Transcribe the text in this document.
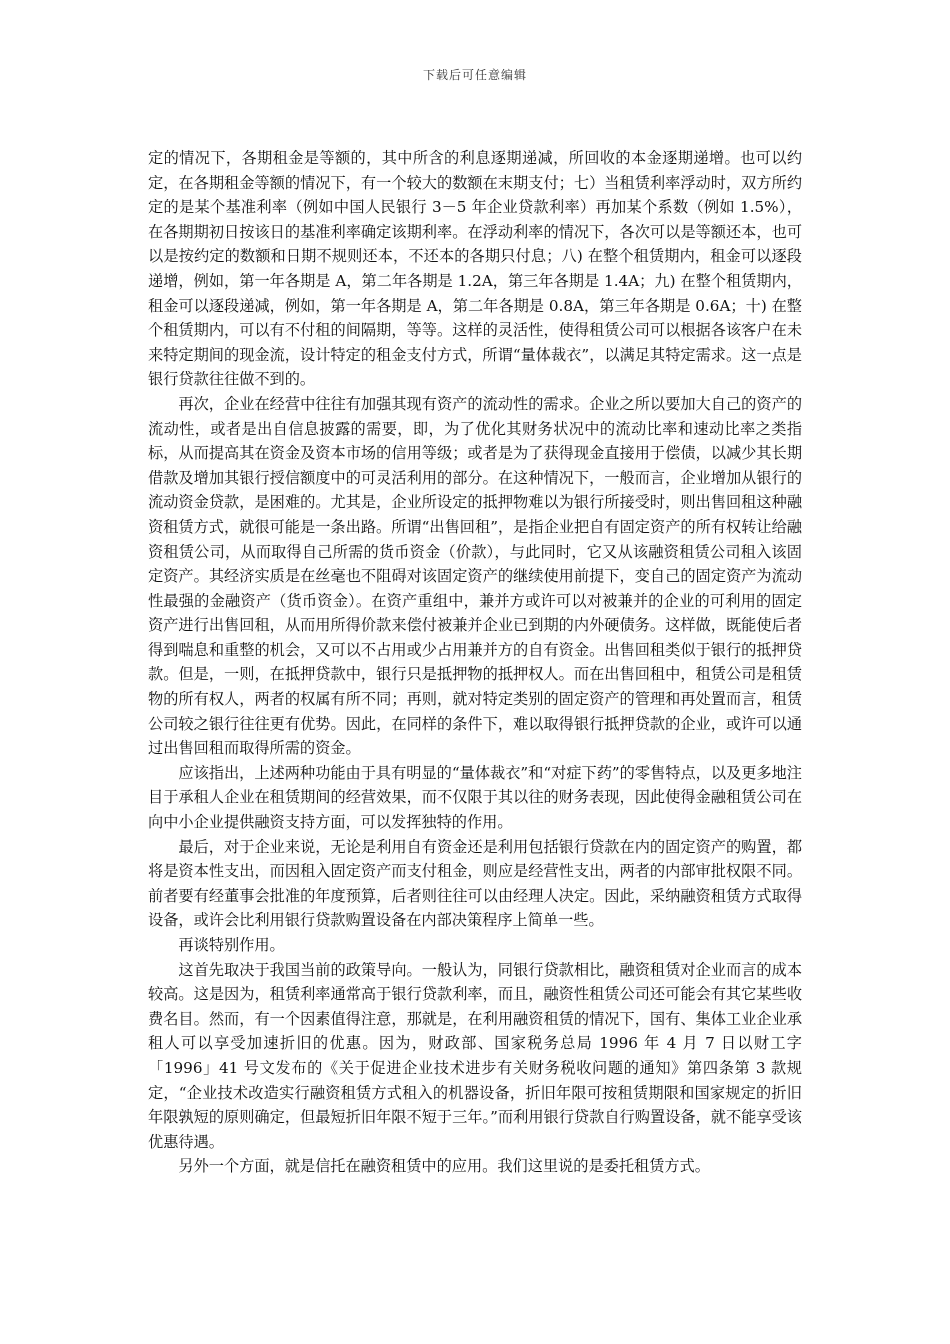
下载后可任意编辑

定的情况下，各期租金是等额的，其中所含的利息逐期递减，所回收的本金逐期递增。也可以约定，在各期租金等额的情况下，有一个较大的数额在末期支付；七）当租赁利率浮动时，双方所约定的是某个基准利率（例如中国人民银行 3－5 年企业贷款利率）再加某个系数（例如 1.5%），在各期期初日按该日的基准利率确定该期利率。在浮动利率的情况下，各次可以是等额还本，也可以是按约定的数额和日期不规则还本，不还本的各期只付息；八) 在整个租赁期内，租金可以逐段递增，例如，第一年各期是 A，第二年各期是 1.2A，第三年各期是 1.4A；九) 在整个租赁期内，租金可以逐段递减，例如，第一年各期是 A，第二年各期是 0.8A，第三年各期是 0.6A；十) 在整个租赁期内，可以有不付租的间隔期，等等。这样的灵活性，使得租赁公司可以根据各该客户在未来特定期间的现金流，设计特定的租金支付方式，所谓“量体裁衣”，以满足其特定需求。这一点是银行贷款往往做不到的。

再次，企业在经营中往往有加强其现有资产的流动性的需求。企业之所以要加大自己的资产的流动性，或者是出自信息披露的需要，即，为了优化其财务状况中的流动比率和速动比率之类指标，从而提高其在资金及资本市场的信用等级；或者是为了获得现金直接用于偿债，以减少其长期借款及增加其银行授信额度中的可灵活利用的部分。在这种情况下，一般而言，企业增加从银行的流动资金贷款，是困难的。尤其是，企业所设定的抵押物难以为银行所接受时，则出售回租这种融资租赁方式，就很可能是一条出路。所谓“出售回租”，是指企业把自有固定资产的所有权转让给融资租赁公司，从而取得自己所需的货币资金（价款），与此同时，它又从该融资租赁公司租入该固定资产。其经济实质是在丝毫也不阻碍对该固定资产的继续使用前提下，变自己的固定资产为流动性最强的金融资产（货币资金）。在资产重组中，兼并方或许可以对被兼并的企业的可利用的固定资产进行出售回租，从而用所得价款来偿付被兼并企业已到期的内外硬债务。这样做，既能使后者得到喘息和重整的机会，又可以不占用或少占用兼并方的自有资金。出售回租类似于银行的抵押贷款。但是，一则，在抵押贷款中，银行只是抵押物的抵押权人。而在出售回租中，租赁公司是租赁物的所有权人，两者的权属有所不同；再则，就对特定类别的固定资产的管理和再处置而言，租赁公司较之银行往往更有优势。因此，在同样的条件下，难以取得银行抵押贷款的企业，或许可以通过出售回租而取得所需的资金。

应该指出，上述两种功能由于具有明显的“量体裁衣”和“对症下药”的零售特点，以及更多地注目于承租人企业在租赁期间的经营效果，而不仅限于其以往的财务表现，因此使得金融租赁公司在向中小企业提供融资支持方面，可以发挥独特的作用。

最后，对于企业来说，无论是利用自有资金还是利用包括银行贷款在内的固定资产的购置，都将是资本性支出，而因租入固定资产而支付租金，则应是经营性支出，两者的内部审批权限不同。前者要有经董事会批准的年度预算，后者则往往可以由经理人决定。因此，采纳融资租赁方式取得设备，或许会比利用银行贷款购置设备在内部决策程序上简单一些。

再谈特别作用。

这首先取决于我国当前的政策导向。一般认为，同银行贷款相比，融资租赁对企业而言的成本较高。这是因为，租赁利率通常高于银行贷款利率，而且，融资性租赁公司还可能会有其它某些收费名目。然而，有一个因素值得注意，那就是，在利用融资租赁的情况下，国有、集体工业企业承租人可以享受加速折旧的优惠。因为，财政部、国家税务总局 1996 年 4 月 7 日以财工字「1996」41 号文发布的《关于促进企业技术进步有关财务税收问题的通知》第四条第 3 款规定，“企业技术改造实行融资租赁方式租入的机器设备，折旧年限可按租赁期限和国家规定的折旧年限孰短的原则确定，但最短折旧年限不短于三年。”而利用银行贷款自行购置设备，就不能享受该优惠待遇。

另外一个方面，就是信托在融资租赁中的应用。我们这里说的是委托租赁方式。
